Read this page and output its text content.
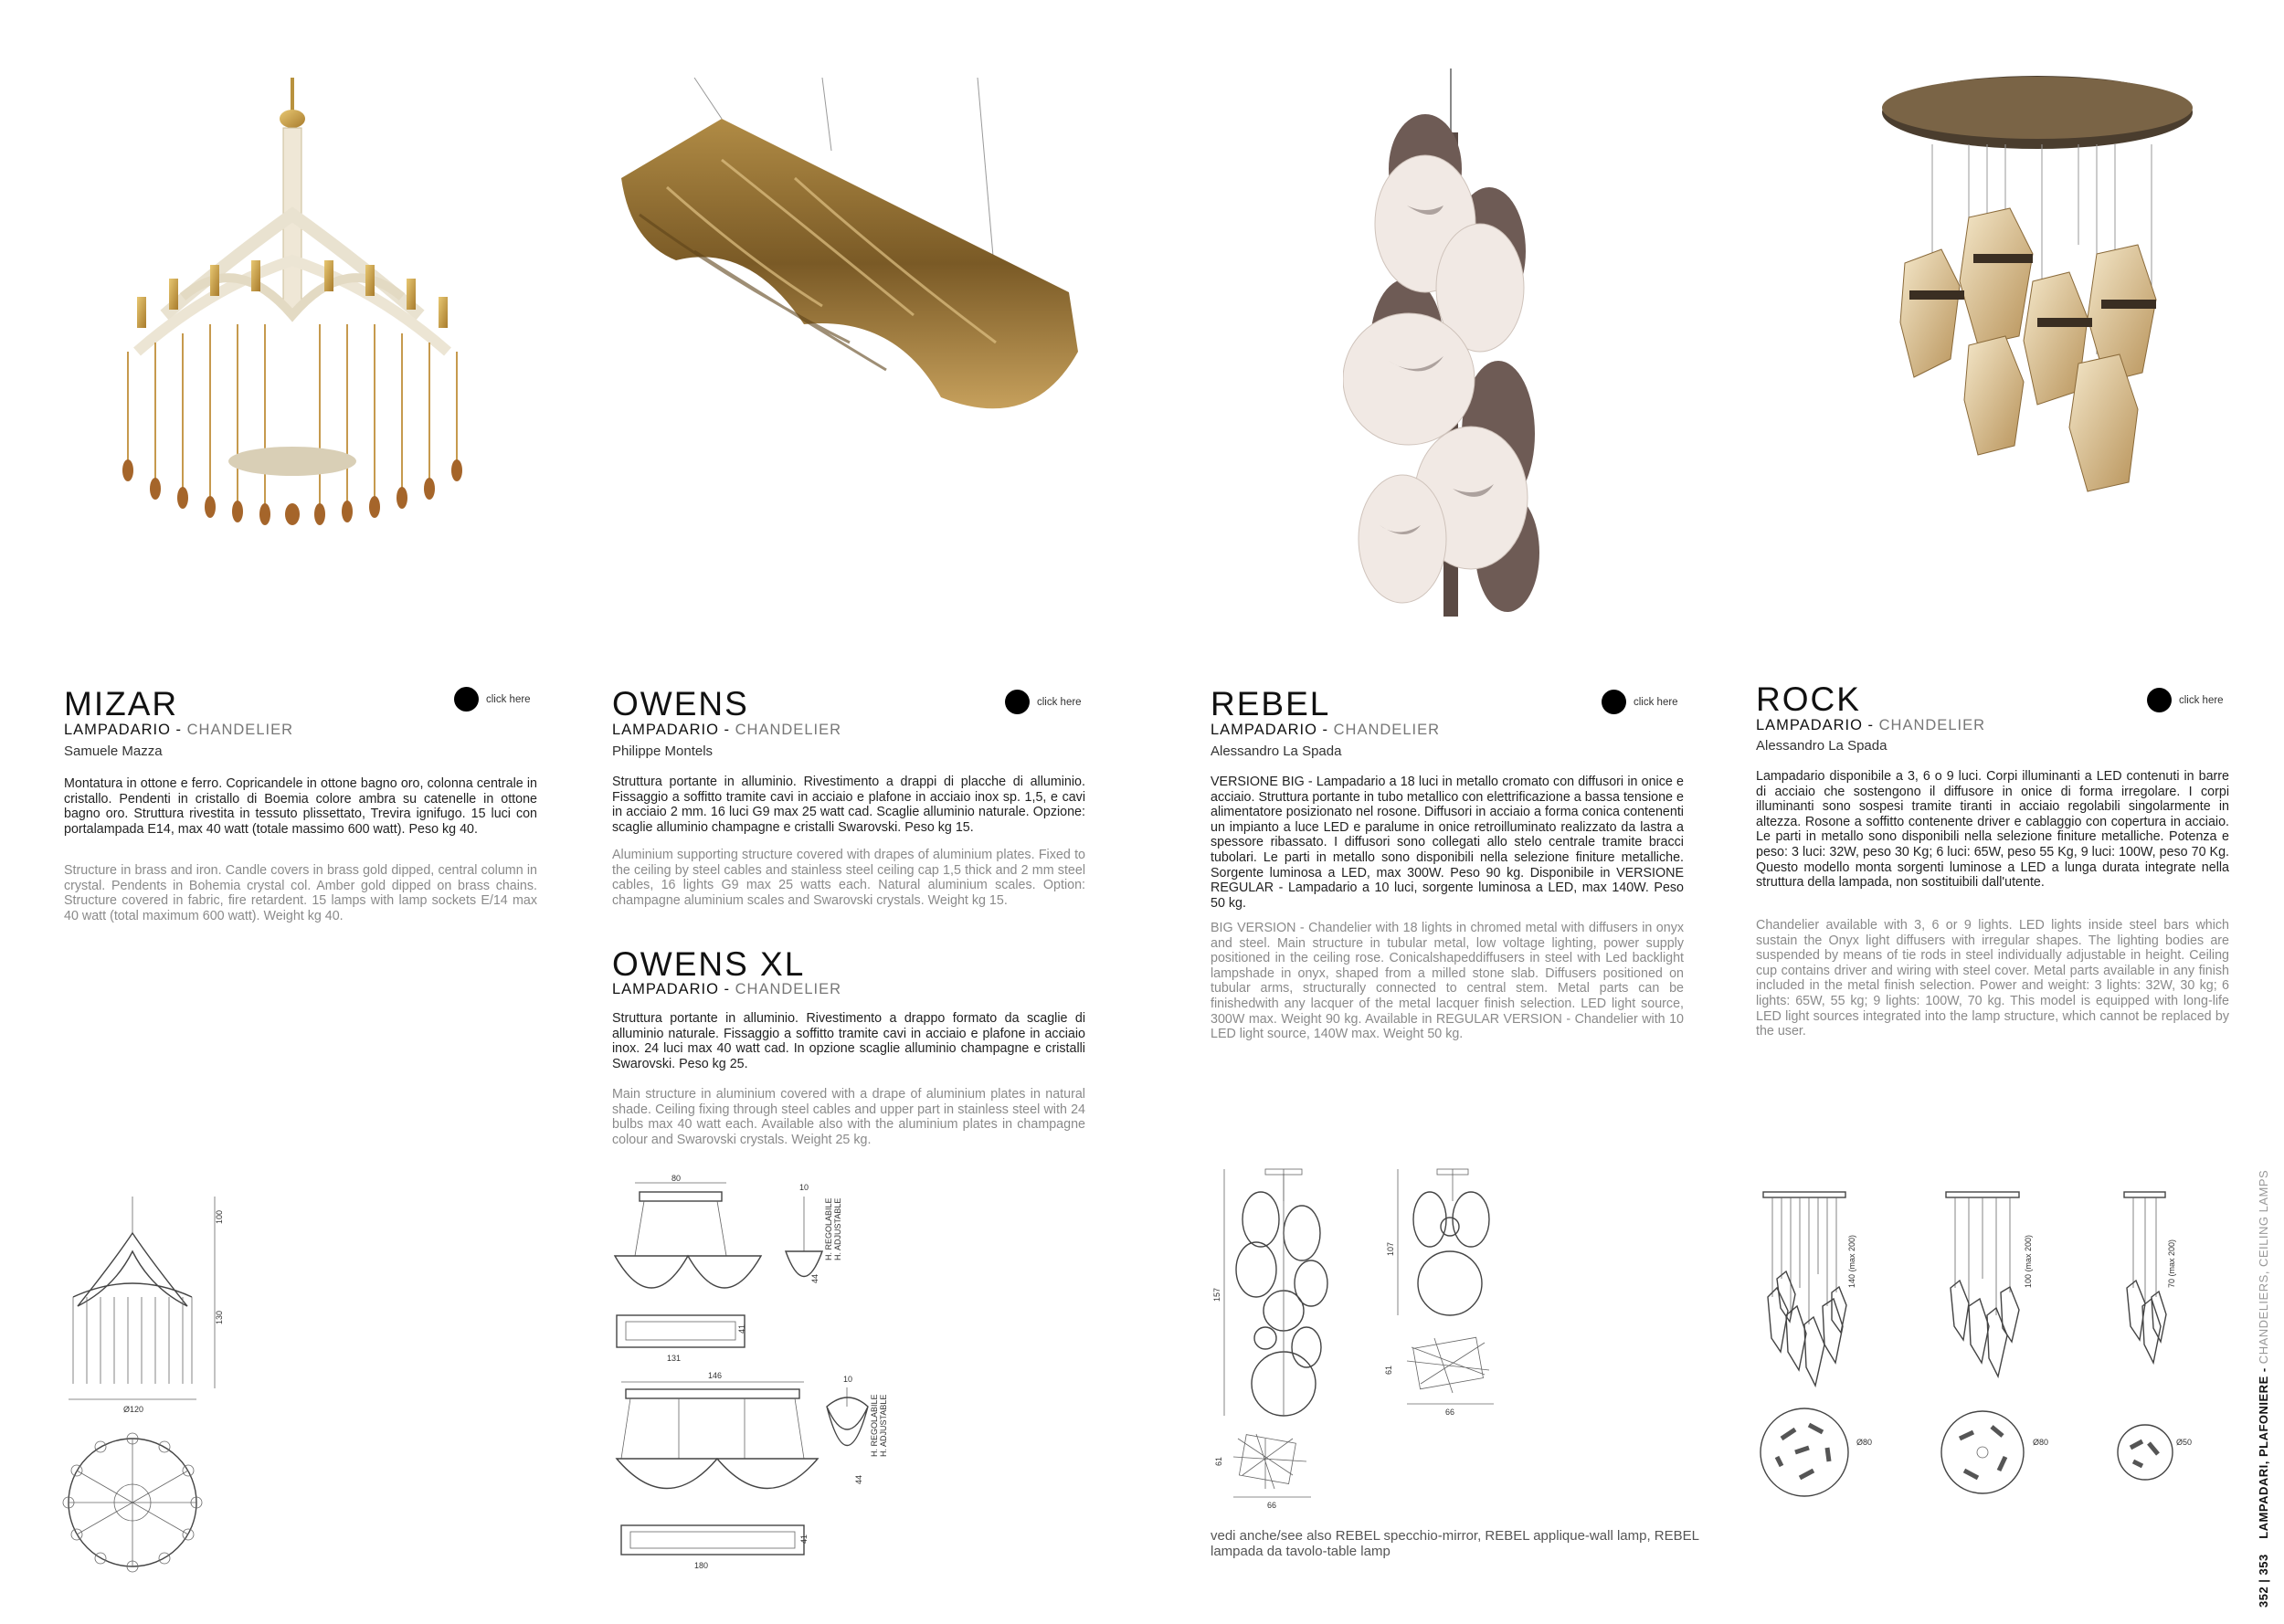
MIZAR
LAMPADARIO - CHANDELIER
Samuele Mazza
click here

Montatura in ottone e ferro. Copricandele in ottone bagno oro, colonna centrale in cristallo. Pendenti in cristallo di Boemia colore ambra su catenelle in ottone bagno oro. Struttura rivestita in tessuto plissettato, Trevira ignifugo. 15 luci con portalampada E14, max 40 watt (totale massimo 600 watt). Peso kg 40.

Structure in brass and iron. Candle covers in brass gold dipped, central column in crystal. Pendents in Bohemia crystal col. Amber gold dipped on brass chains. Structure covered in fabric, fire retardent. 15 lamps with lamp sockets E/14 max 40 watt (total maximum 600 watt). Weight kg 40.

OWENS
LAMPADARIO - CHANDELIER
Philippe Montels
click here

Struttura portante in alluminio. Rivestimento a drappi di placche di alluminio. Fissaggio a soffitto tramite cavi in acciaio e plafone in acciaio inox sp. 1,5, e cavi in acciaio 2 mm. 16 luci G9 max 25 watt cad. Scaglie alluminio naturale. Opzione: scaglie alluminio champagne e cristalli Swarovski. Peso kg 15.

Aluminium supporting structure covered with drapes of aluminium plates. Fixed to the ceiling by steel cables and stainless steel ceiling cap 1,5 thick and 2 mm steel cables, 16 lights G9 max 25 watts each. Natural aluminium scales. Option: champagne aluminium scales and Swarovski crystals. Weight kg 15.

OWENS XL
LAMPADARIO - CHANDELIER

Struttura portante in alluminio. Rivestimento a drappo formato da scaglie di alluminio naturale. Fissaggio a soffitto tramite cavi in acciaio e plafone in acciaio inox. 24 luci max 40 watt cad. In opzione scaglie alluminio champagne e cristalli Swarovski. Peso kg 25.

Main structure in aluminium covered with a drape of aluminium plates in natural shade. Ceiling fixing through steel cables and upper part in stainless steel with 24 bulbs max 40 watt each. Available also with the aluminium plates in champagne colour and Swarovski crystals. Weight 25 kg.

REBEL
LAMPADARIO - CHANDELIER
Alessandro La Spada
click here

VERSIONE BIG - Lampadario a 18 luci in metallo cromato con diffusori in onice e acciaio. Struttura portante in tubo metallico con elettrificazione a bassa tensione e alimentatore posizionato nel rosone. Diffusori in acciaio a forma conica contenenti un impianto a luce LED e paralume in onice retroilluminato realizzato da lastra a spessore ribassato. I diffusori sono collegati allo stelo centrale tramite bracci tubolari. Le parti in metallo sono disponibili nella selezione finiture metalliche. Sorgente luminosa a LED, max 300W. Peso 90 kg. Disponibile in VERSIONE REGULAR - Lampadario a 10 luci, sorgente luminosa a LED, max 140W. Peso 50 kg.

BIG VERSION - Chandelier with 18 lights in chromed metal with diffusers in onyx and steel. Main structure in tubular metal, low voltage lighting, power supply positioned in the ceiling rose. Conicalshapeddiffusers in steel with Led backlight lampshade in onyx, shaped from a milled stone slab. Diffusers positioned on tubular arms, structurally connected to central stem. Metal parts can be finishedwith any lacquer of the metal lacquer finish selection. LED light source, 300W max. Weight 90 kg. Available in REGULAR VERSION - Chandelier with 10 LED light source, 140W max. Weight 50 kg.

vedi anche/see also REBEL specchio-mirror, REBEL applique-wall lamp, REBEL lampada da tavolo-table lamp
ROCK
LAMPADARIO - CHANDELIER
Alessandro La Spada
click here

Lampadario disponibile a 3, 6 o 9 luci. Corpi illuminanti a LED contenuti in barre di acciaio che sostengono il diffusore in onice di forma irregolare. I corpi illuminanti sono sospesi tramite tiranti in acciaio regolabili singolarmente in altezza. Rosone a soffitto contenente driver e cablaggio con copertura in acciaio. Le parti in metallo sono disponibili nella selezione finiture metalliche. Potenza e peso: 3 luci: 32W, peso 30 Kg; 6 luci: 65W, peso 55 Kg, 9 luci: 100W, peso 70 Kg. Questo modello monta sorgenti luminose a LED a lunga durata integrate nella struttura della lampada, non sostituibili dall'utente.

Chandelier available with 3, 6 or 9 lights. LED lights inside steel bars which sustain the Onyx light diffusers with irregular shapes. The lighting bodies are suspended by means of tie rods in steel individually adjustable in height. Ceiling cup contains driver and wiring with steel cover. Metal parts available in any finish included in the metal finish selection. Power and weight: 3 lights: 32W, 30 kg; 6 lights: 65W, 55 kg; 9 lights: 100W, 70 kg. This model is equipped with long-life LED light sources integrated into the lamp structure, which cannot be replaced by the user.

100
130
Ø120
80
41
131
10
H. REGOLABILE H. ADJUSTABLE
44
146
41
180
10
H. REGOLABILE H. ADJUSTABLE
44
157
61
66
107
61
66
140 (max 200)
Ø80
100 (max 200)
Ø80
70 (max 200)
Ø50
352 | 353    LAMPADARI, PLAFONIERE - CHANDELIERS, CEILING LAMPS
